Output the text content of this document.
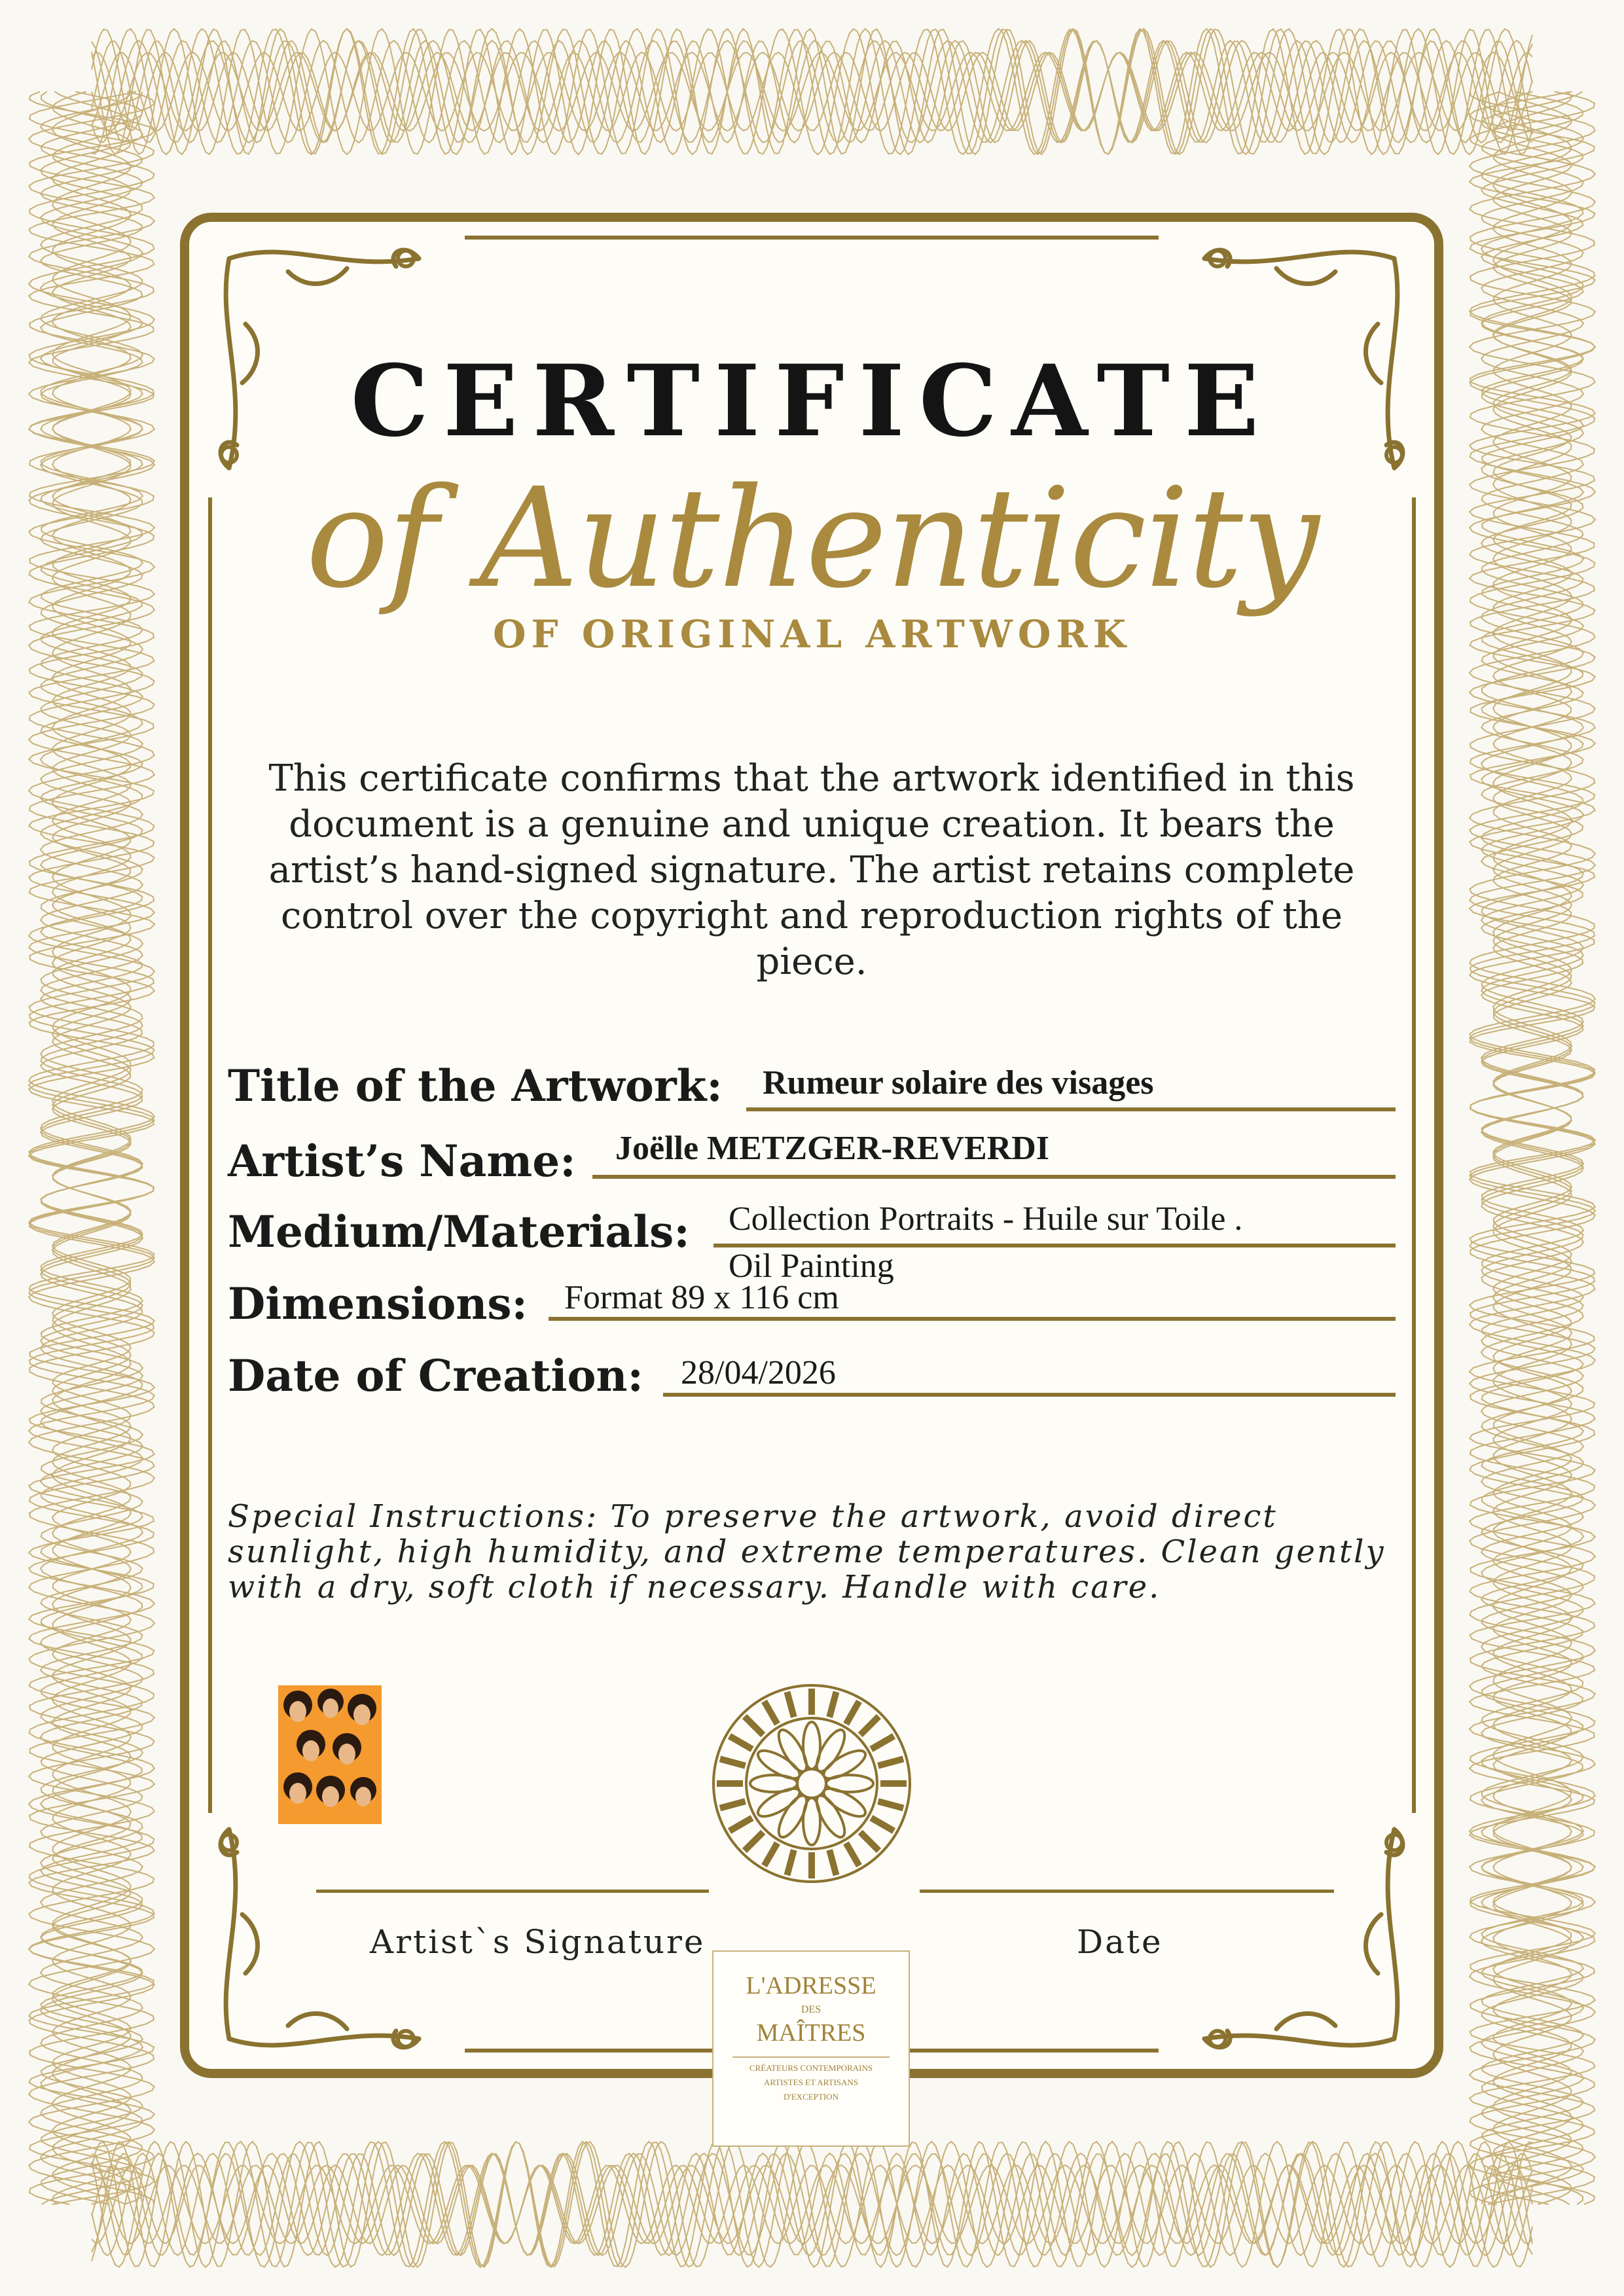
CERTIFICATE
of Authenticity
OF ORIGINAL ARTWORK
This certificate confirms that the artwork identified in this document is a genuine and unique creation. It bears the artist’s hand-signed signature. The artist retains complete control over the copyright and reproduction rights of the piece.
Title of the Artwork: Rumeur solaire des visages
Artist’s Name: Joëlle METZGER-REVERDI
Medium/Materials: Collection Portraits - Huile sur Toile .
Oil Painting
Dimensions: Format 89 x 116 cm
Date of Creation: 28/04/2026
Special Instructions: To preserve the artwork, avoid direct sunlight, high humidity, and extreme temperatures. Clean gently with a dry, soft cloth if necessary. Handle with care.
Artist`s Signature	Date
L'ADRESSE
DES
MAÎTRES
CRÉATEURS CONTEMPORAINS
ARTISTES ET ARTISANS
D'EXCEPTION
